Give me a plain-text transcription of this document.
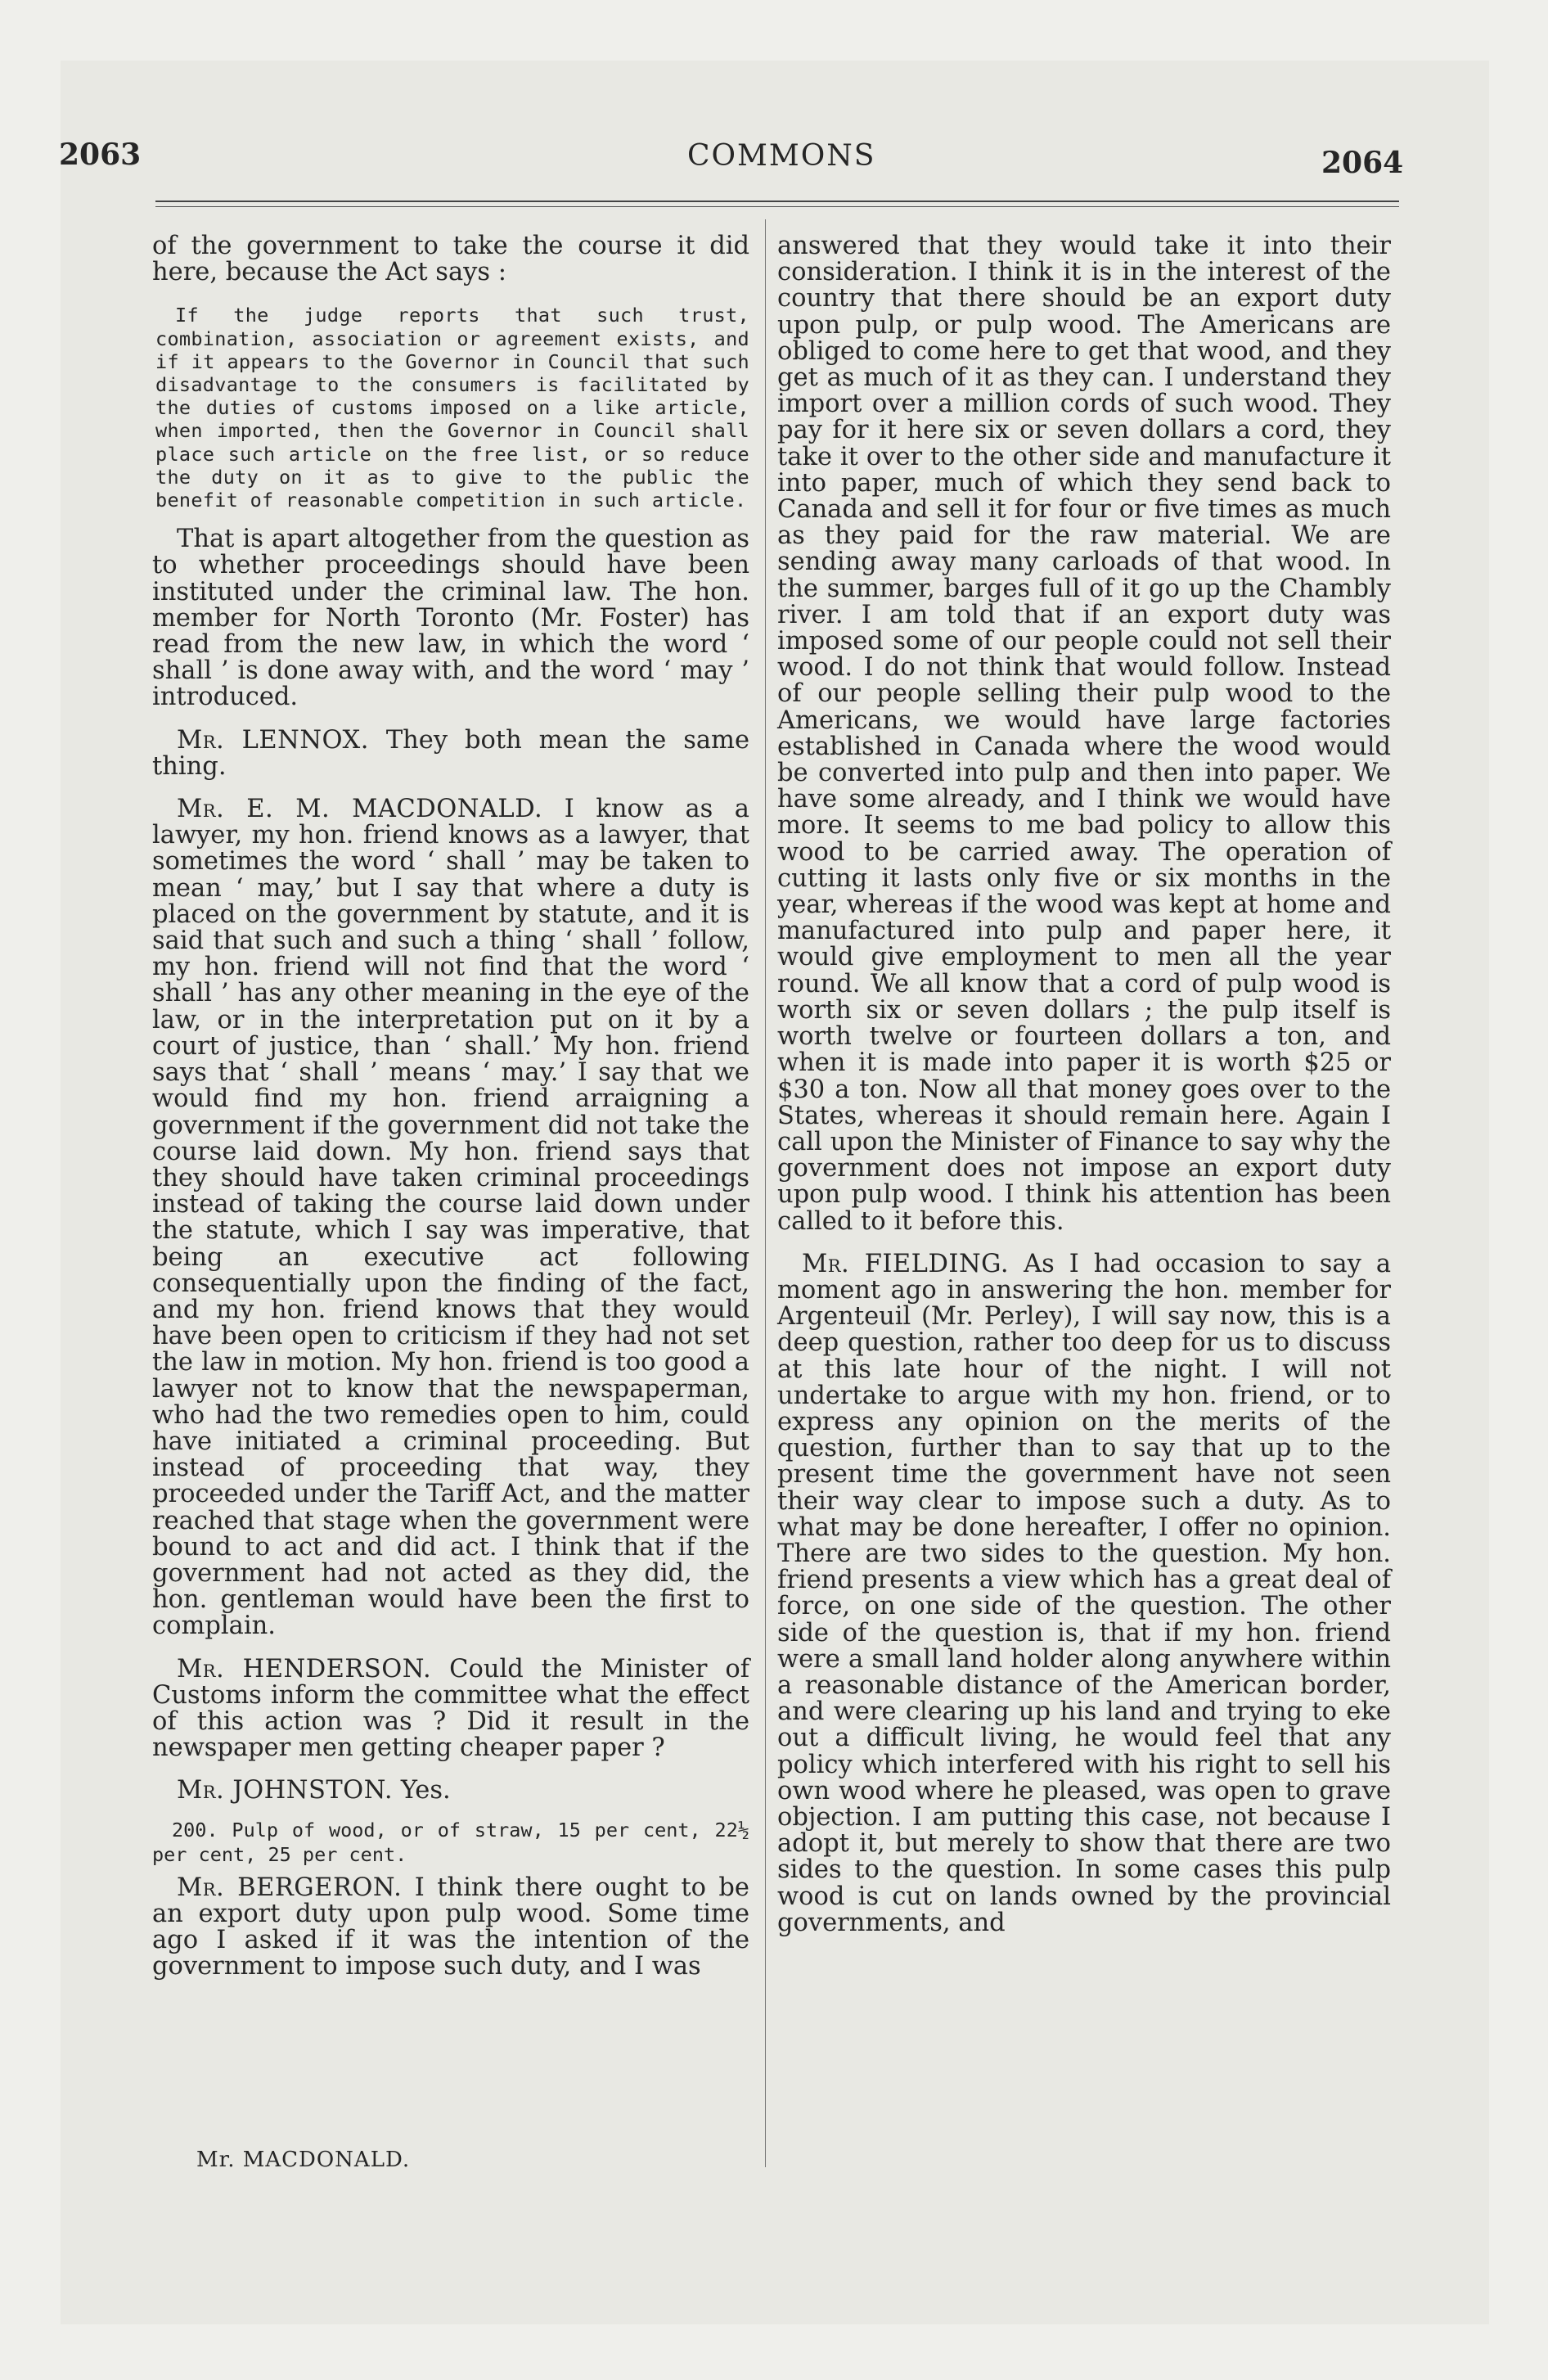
2063	COMMONS	2064

of the government to take the course it did here, because the Act says :

If the judge reports that such trust, combination, association or agreement exists, and if it appears to the Governor in Council that such disadvantage to the consumers is facilitated by the duties of customs imposed on a like article, when imported, then the Governor in Council shall place such article on the free list, or so reduce the duty on it as to give to the public the benefit of reasonable competition in such article.

That is apart altogether from the question as to whether proceedings should have been instituted under the criminal law. The hon. member for North Toronto (Mr. Foster) has read from the new law, in which the word ‘ shall ’ is done away with, and the word ‘ may ’ introduced.

Mr. LENNOX. They both mean the same thing.

Mr. E. M. MACDONALD. I know as a lawyer, my hon. friend knows as a lawyer, that sometimes the word ‘ shall ’ may be taken to mean ‘ may,’ but I say that where a duty is placed on the government by statute, and it is said that such and such a thing ‘ shall ’ follow, my hon. friend will not find that the word ‘ shall ’ has any other meaning in the eye of the law, or in the interpretation put on it by a court of justice, than ‘ shall.’ My hon. friend says that ‘ shall ’ means ‘ may.’ I say that we would find my hon. friend arraigning a government if the government did not take the course laid down. My hon. friend says that they should have taken criminal proceedings instead of taking the course laid down under the statute, which I say was imperative, that being an executive act following consequentially upon the finding of the fact, and my hon. friend knows that they would have been open to criticism if they had not set the law in motion. My hon. friend is too good a lawyer not to know that the newspaperman, who had the two remedies open to him, could have initiated a criminal proceeding. But instead of proceeding that way, they proceeded under the Tariff Act, and the matter reached that stage when the government were bound to act and did act. I think that if the government had not acted as they did, the hon. gentleman would have been the first to complain.

Mr. HENDERSON. Could the Minister of Customs inform the committee what the effect of this action was ? Did it result in the newspaper men getting cheaper paper ?

Mr. JOHNSTON. Yes.

200. Pulp of wood, or of straw, 15 per cent, 22½ per cent, 25 per cent.

Mr. BERGERON. I think there ought to be an export duty upon pulp wood. Some time ago I asked if it was the intention of the government to impose such duty, and I was

Mr. MACDONALD.

answered that they would take it into their consideration. I think it is in the interest of the country that there should be an export duty upon pulp, or pulp wood. The Americans are obliged to come here to get that wood, and they get as much of it as they can. I understand they import over a million cords of such wood. They pay for it here six or seven dollars a cord, they take it over to the other side and manufacture it into paper, much of which they send back to Canada and sell it for four or five times as much as they paid for the raw material. We are sending away many carloads of that wood. In the summer, barges full of it go up the Chambly river. I am told that if an export duty was imposed some of our people could not sell their wood. I do not think that would follow. Instead of our people selling their pulp wood to the Americans, we would have large factories established in Canada where the wood would be converted into pulp and then into paper. We have some already, and I think we would have more. It seems to me bad policy to allow this wood to be carried away. The operation of cutting it lasts only five or six months in the year, whereas if the wood was kept at home and manufactured into pulp and paper here, it would give employment to men all the year round. We all know that a cord of pulp wood is worth six or seven dollars ; the pulp itself is worth twelve or fourteen dollars a ton, and when it is made into paper it is worth $25 or $30 a ton. Now all that money goes over to the States, whereas it should remain here. Again I call upon the Minister of Finance to say why the government does not impose an export duty upon pulp wood. I think his attention has been called to it before this.

Mr. FIELDING. As I had occasion to say a moment ago in answering the hon. member for Argenteuil (Mr. Perley), I will say now, this is a deep question, rather too deep for us to discuss at this late hour of the night. I will not undertake to argue with my hon. friend, or to express any opinion on the merits of the question, further than to say that up to the present time the government have not seen their way clear to impose such a duty. As to what may be done hereafter, I offer no opinion. There are two sides to the question. My hon. friend presents a view which has a great deal of force, on one side of the question. The other side of the question is, that if my hon. friend were a small land holder along anywhere within a reasonable distance of the American border, and were clearing up his land and trying to eke out a difficult living, he would feel that any policy which interfered with his right to sell his own wood where he pleased, was open to grave objection. I am putting this case, not because I adopt it, but merely to show that there are two sides to the question. In some cases this pulp wood is cut on lands owned by the provincial governments, and
